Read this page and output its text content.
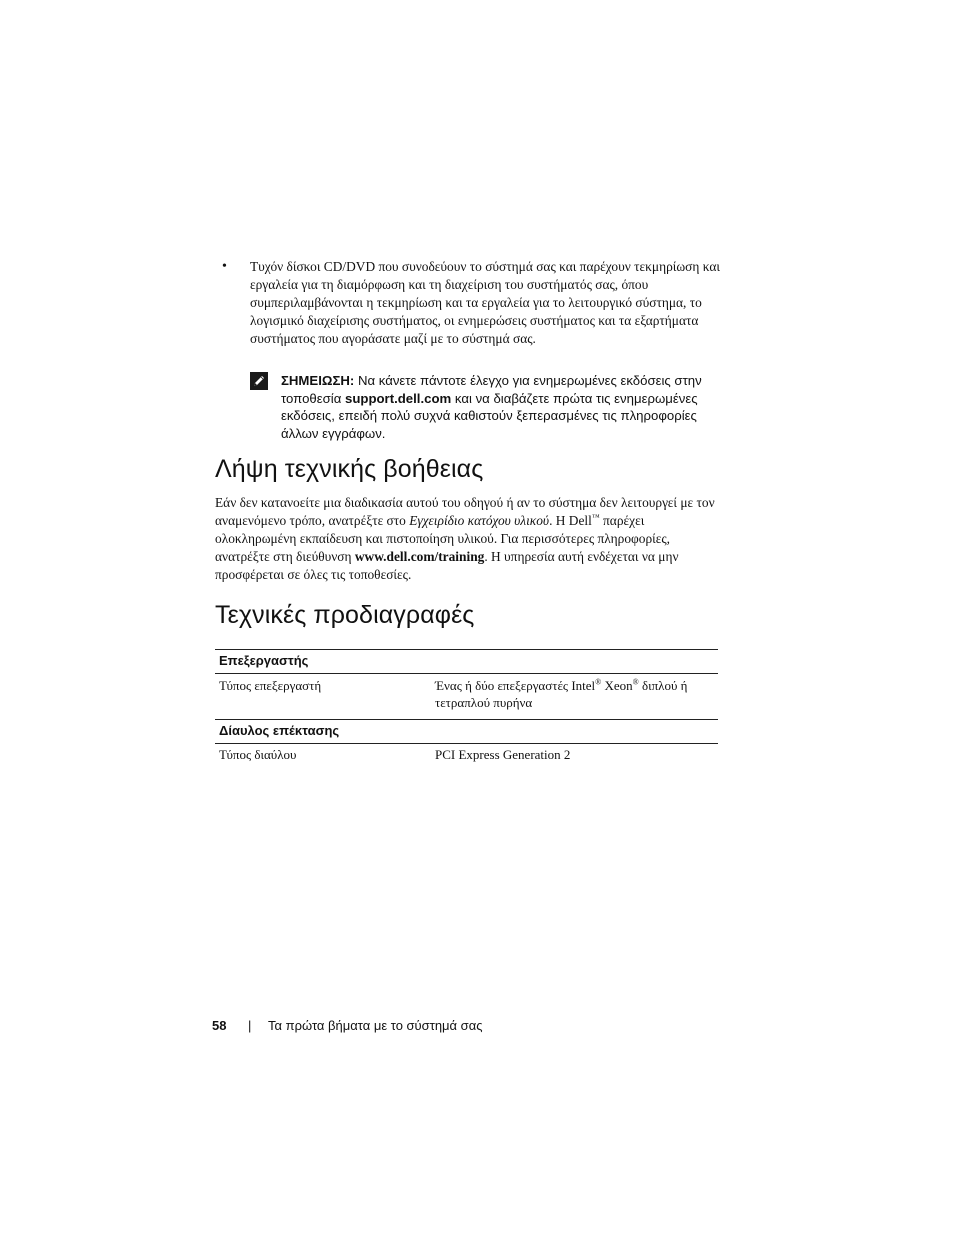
• Τυχόν δίσκοι CD/DVD που συνοδεύουν το σύστημά σας και παρέχουν τεκμηρίωση και εργαλεία για τη διαμόρφωση και τη διαχείριση του συστήματός σας, όπου συμπεριλαμβάνονται η τεκμηρίωση και τα εργαλεία για το λειτουργικό σύστημα, το λογισμικό διαχείρισης συστήματος, οι ενημερώσεις συστήματος και τα εξαρτήματα συστήματος που αγοράσατε μαζί με το σύστημά σας.
ΣΗΜΕΙΩΣΗ: Να κάνετε πάντοτε έλεγχο για ενημερωμένες εκδόσεις στην τοποθεσία support.dell.com και να διαβάζετε πρώτα τις ενημερωμένες εκδόσεις, επειδή πολύ συχνά καθιστούν ξεπερασμένες τις πληροφορίες άλλων εγγράφων.
Λήψη τεχνικής βοήθειας
Εάν δεν κατανοείτε μια διαδικασία αυτού του οδηγού ή αν το σύστημα δεν λειτουργεί με τον αναμενόμενο τρόπο, ανατρέξτε στο Εγχειρίδιο κατόχου υλικού. Η Dell™ παρέχει ολοκληρωμένη εκπαίδευση και πιστοποίηση υλικού. Για περισσότερες πληροφορίες, ανατρέξτε στη διεύθυνση www.dell.com/training. Η υπηρεσία αυτή ενδέχεται να μην προσφέρεται σε όλες τις τοποθεσίες.
Τεχνικές προδιαγραφές
Επεξεργαστής	
Τύπος επεξεργαστή	Ένας ή δύο επεξεργαστές Intel® Xeon® διπλού ή τετραπλού πυρήνα
Δίαυλος επέκτασης	
Τύπος διαύλου	PCI Express Generation 2
58 | Τα πρώτα βήματα με το σύστημά σας
